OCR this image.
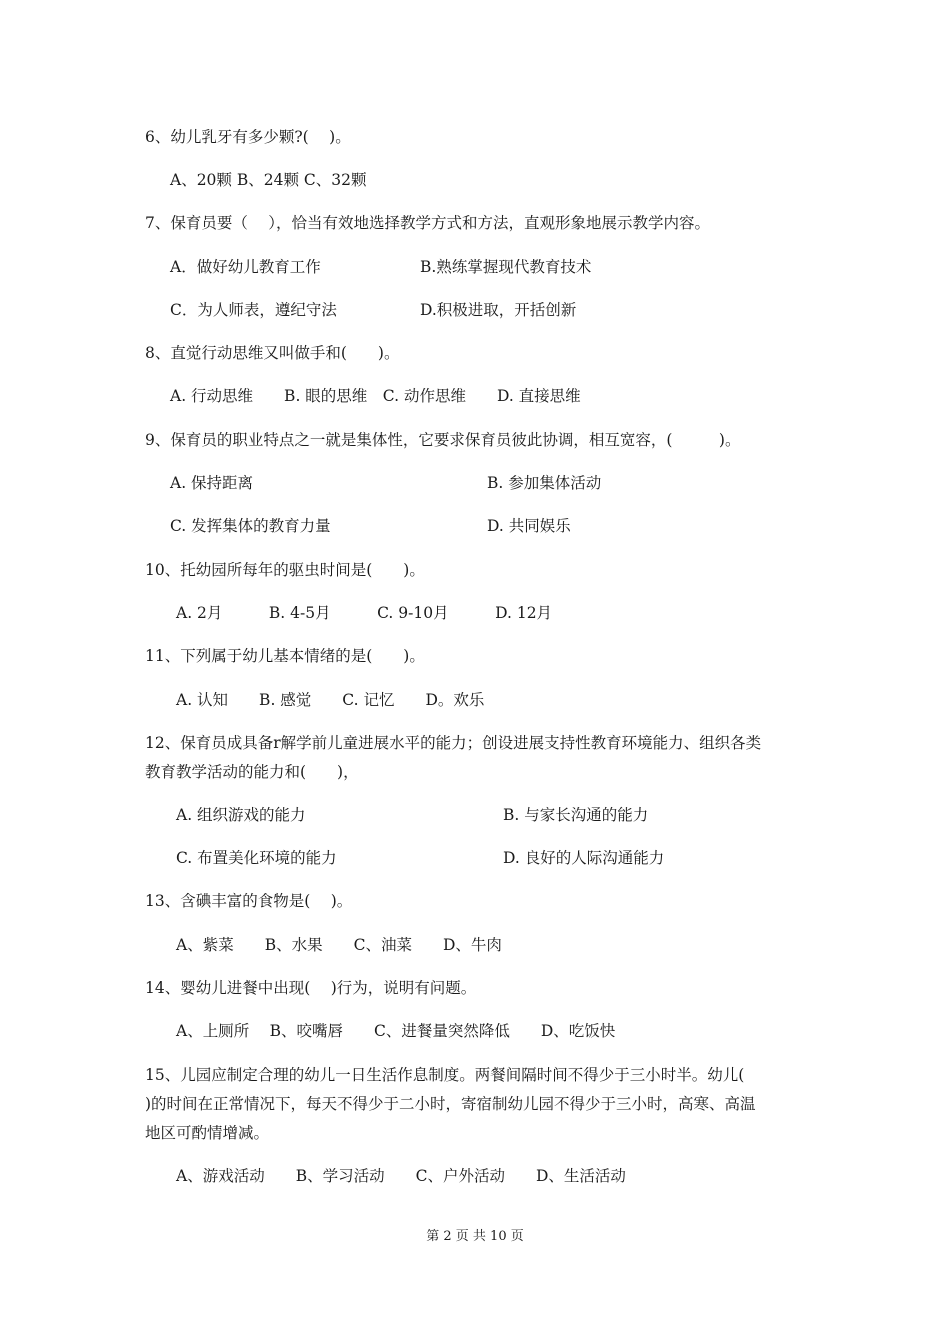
6、幼儿乳牙有多少颗?(　 )。
A、20颗 B、24颗 C、32颗
7、保育员要（　 ），恰当有效地选择教学方式和方法，直观形象地展示教学内容。
A．做好幼儿教育工作	B.熟练掌握现代教育技术
C．为人师表，遵纪守法	D.积极进取，开括创新
8、直觉行动思维又叫做手和(　　)。
A. 行动思维　　B. 眼的思维　C. 动作思维　　D. 直接思维
9、保育员的职业特点之一就是集体性，它要求保育员彼此协调，相互宽容，(　　　)。
A. 保持距离	B. 参加集体活动
C. 发挥集体的教育力量	D. 共同娱乐
10、托幼园所每年的驱虫时间是(　　)。
A. 2月　　　B. 4-5月　　　C. 9-10月　　　D. 12月
11、下列属于幼儿基本情绪的是(　　)。
A. 认知　　B. 感觉　　C. 记忆　　D。欢乐
12、保育员成具备r解学前儿童进展水平的能力；创设进展支持性教育环境能力、组织各类
教育教学活动的能力和(　　)，
A. 组织游戏的能力	B. 与家长沟通的能力
C. 布置美化环境的能力	D. 良好的人际沟通能力
13、含碘丰富的食物是(　 )。
A、紫菜　　B、水果　　C、油菜　　D、牛肉
14、婴幼儿进餐中出现(　 )行为，说明有问题。
A、上厕所　 B、咬嘴唇　　C、进餐量突然降低　　D、吃饭快
15、儿园应制定合理的幼儿一日生活作息制度。两餐间隔时间不得少于三小时半。幼儿(
)的时间在正常情况下，每天不得少于二小时，寄宿制幼儿园不得少于三小时，高寒、高温
地区可酌情增减。
A、游戏活动　　B、学习活动　　C、户外活动　　D、生活活动
第 2 页 共 10 页
